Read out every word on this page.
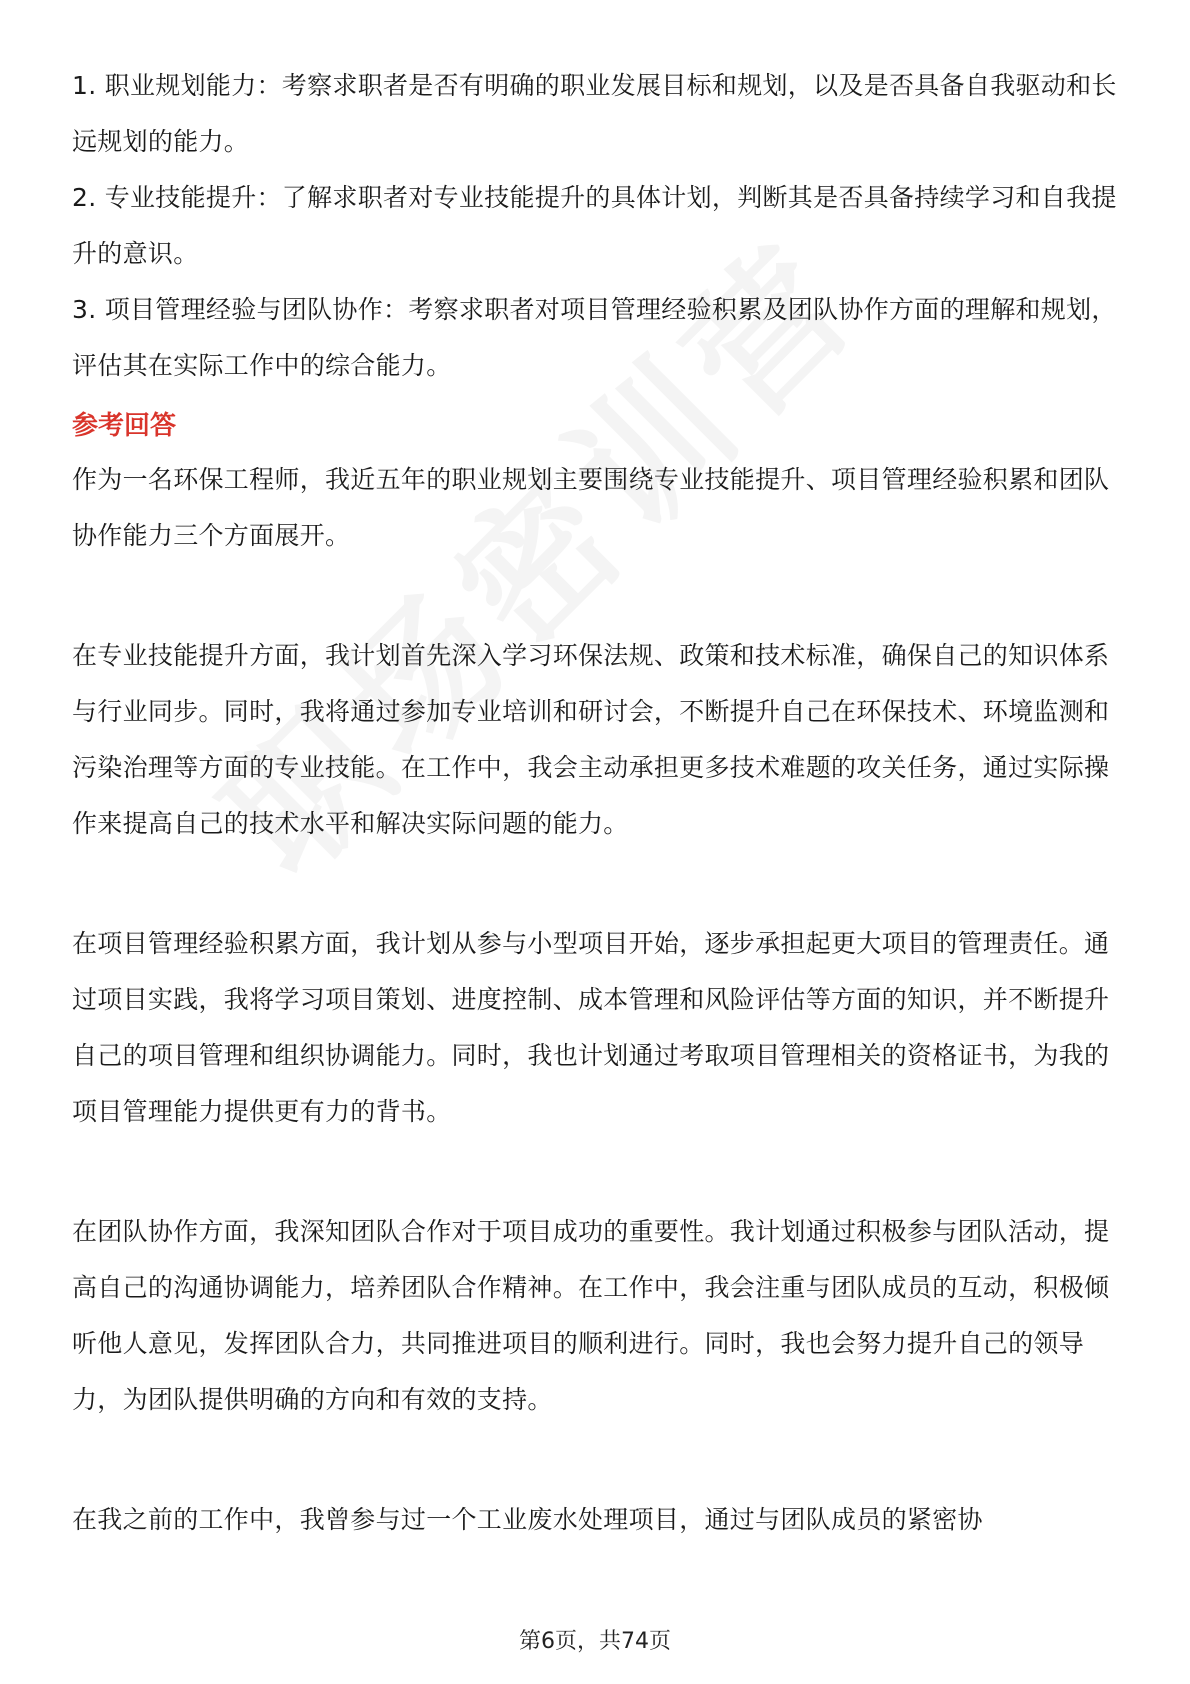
1. 职业规划能力：考察求职者是否有明确的职业发展目标和规划，以及是否具备自我驱动和长远规划的能力。

2. 专业技能提升：了解求职者对专业技能提升的具体计划，判断其是否具备持续学习和自我提升的意识。

3. 项目管理经验与团队协作：考察求职者对项目管理经验积累及团队协作方面的理解和规划，评估其在实际工作中的综合能力。

参考回答

作为一名环保工程师，我近五年的职业规划主要围绕专业技能提升、项目管理经验积累和团队协作能力三个方面展开。

在专业技能提升方面，我计划首先深入学习环保法规、政策和技术标准，确保自己的知识体系与行业同步。同时，我将通过参加专业培训和研讨会，不断提升自己在环保技术、环境监测和污染治理等方面的专业技能。在工作中，我会主动承担更多技术难题的攻关任务，通过实际操作来提高自己的技术水平和解决实际问题的能力。

在项目管理经验积累方面，我计划从参与小型项目开始，逐步承担起更大项目的管理责任。通过项目实践，我将学习项目策划、进度控制、成本管理和风险评估等方面的知识，并不断提升自己的项目管理和组织协调能力。同时，我也计划通过考取项目管理相关的资格证书，为我的项目管理能力提供更有力的背书。

在团队协作方面，我深知团队合作对于项目成功的重要性。我计划通过积极参与团队活动，提高自己的沟通协调能力，培养团队合作精神。在工作中，我会注重与团队成员的互动，积极倾听他人意见，发挥团队合力，共同推进项目的顺利进行。同时，我也会努力提升自己的领导力，为团队提供明确的方向和有效的支持。

在我之前的工作中，我曾参与过一个工业废水处理项目，通过与团队成员的紧密协

第6页，共74页
